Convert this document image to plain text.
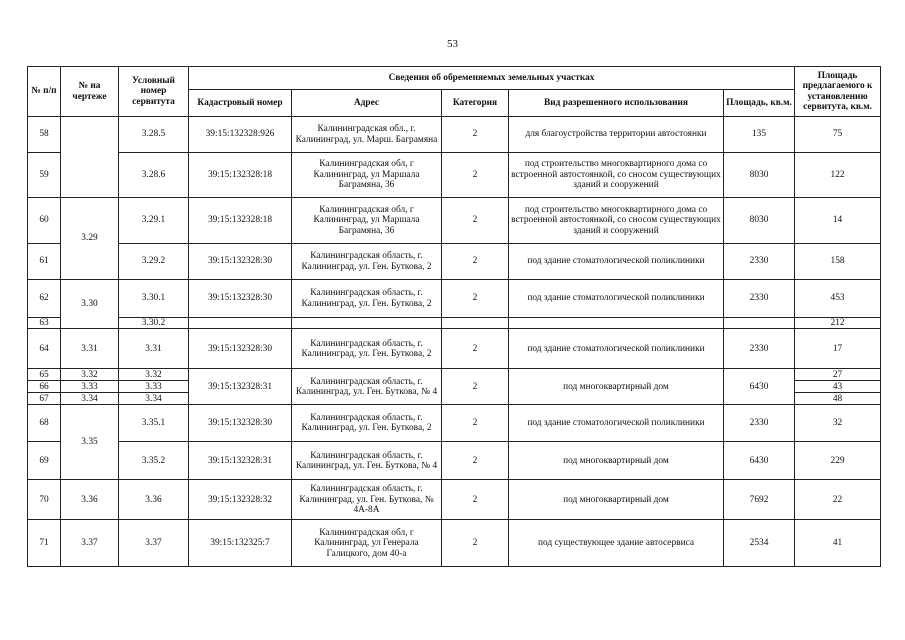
53
№ п/п	№ на чертеже	Условный номер сервитута	Сведения об обременяемых земельных участках					Площадь предлагаемого к установлению сервитута, кв.м.
			Кадастровый номер	Адрес	Категория	Вид разрешенного использования	Площадь, кв.м.	
58		3.28.5	39:15:132328:926	Калининградская обл., г. Калининград, ул. Марш. Баграмяна	2	для благоустройства территории автостоянки	135	75
59		3.28.6	39:15:132328:18	Калининградская обл, г Калининград, ул Маршала Баграмяна, 36	2	под строительство многоквартирного дома со встроенной автостоянкой, со сносом существующих зданий и сооружений	8030	122
60	3.29	3.29.1	39:15:132328:18	Калининградская обл, г Калининград, ул Маршала Баграмяна, 36	2	под строительство многоквартирного дома со встроенной автостоянкой, со сносом существующих зданий и сооружений	8030	14
61		3.29.2	39:15:132328:30	Калининградская область, г. Калининград, ул. Ген. Буткова, 2	2	под здание стоматологической поликлиники	2330	158
62	3.30	3.30.1	39:15:132328:30	Калининградская область, г. Калининград, ул. Ген. Буткова, 2	2	под здание стоматологической поликлиники	2330	453
63		3.30.2						212
64	3.31	3.31	39:15:132328:30	Калининградская область, г. Калининград, ул. Ген. Буткова, 2	2	под здание стоматологической поликлиники	2330	17
65	3.32	3.32	39:15:132328:31	Калининградская область, г. Калининград, ул. Ген. Буткова, № 4	2	под многоквартирный дом	6430	27
66	3.33	3.33						43
67	3.34	3.34						48
68	3.35	3.35.1	39:15:132328:30	Калининградская область, г. Калининград, ул. Ген. Буткова, 2	2	под здание стоматологической поликлиники	2330	32
69		3.35.2	39:15:132328:31	Калининградская область, г. Калининград, ул. Ген. Буткова, № 4	2	под многоквартирный дом	6430	229
70	3.36	3.36	39:15:132328:32	Калининградская область, г. Калининград, ул. Ген. Буткова, № 4А-8А	2	под многоквартирный дом	7692	22
71	3.37	3.37	39:15:132325:7	Калининградская обл, г Калининград, ул Генерала Галицкого, дом 40-а	2	под существующее здание автосервиса	2534	41
